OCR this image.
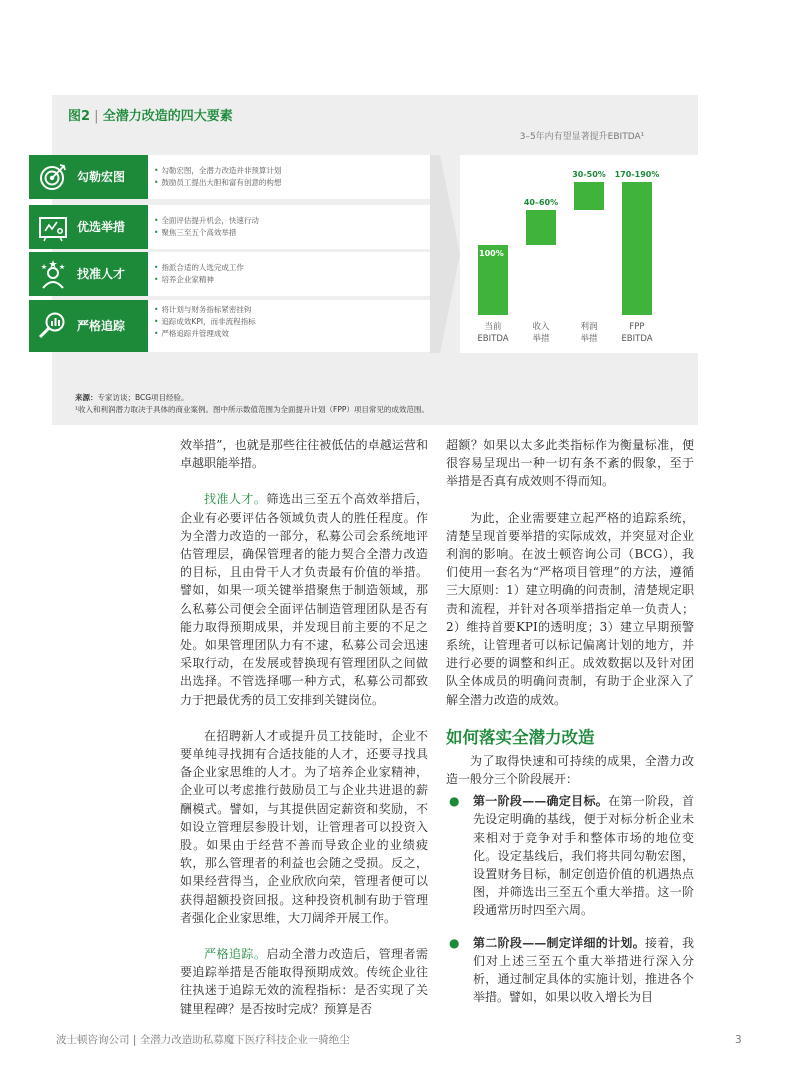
图2 | 全潜力改造的四大要素
勾勒宏图	• 勾勒宏图，全潜力改造并非预算计划
• 鼓励员工提出大胆和富有创意的构想
优选举措	• 全面评估提升机会，快速行动
• 聚焦三至五个高效举措
找准人才	• 指派合适的人选完成工作
• 培养企业家精神
严格追踪
• 将计划与财务指标紧密挂钩
• 追踪成效KPI，而非流程指标
• 严格追踪并管理成效
3–5年内有望显著提升EBITDA¹
100%
当前
EBITDA
40–60%
收入
举措
30-50%
利润
举措
170-190%
FPP
EBITDA
来源：专家访谈；BCG项目经验。
¹收入和利润潜力取决于具体的商业案例。图中所示数值范围为全面提升计划（FPP）项目常见的成效范围。

效举措”，也就是那些往往被低估的卓越运营和卓越职能举措。

找准人才。筛选出三至五个高效举措后，企业有必要评估各领域负责人的胜任程度。作为全潜力改造的一部分，私募公司会系统地评估管理层，确保管理者的能力契合全潜力改造的目标，且由骨干人才负责最有价值的举措。譬如，如果一项关键举措聚焦于制造领域，那么私募公司便会全面评估制造管理团队是否有能力取得预期成果，并发现目前主要的不足之处。如果管理团队力有不逮，私募公司会迅速采取行动，在发展或替换现有管理团队之间做出选择。不管选择哪一种方式，私募公司都致力于把最优秀的员工安排到关键岗位。

在招聘新人才或提升员工技能时，企业不要单纯寻找拥有合适技能的人才，还要寻找具备企业家思维的人才。为了培养企业家精神，企业可以考虑推行鼓励员工与企业共进退的薪酬模式。譬如，与其提供固定薪资和奖励，不如设立管理层参股计划，让管理者可以投资入股。如果由于经营不善而导致企业的业绩疲软，那么管理者的利益也会随之受损。反之，如果经营得当，企业欣欣向荣，管理者便可以获得超额投资回报。这种投资机制有助于管理者强化企业家思维，大刀阔斧开展工作。

严格追踪。启动全潜力改造后，管理者需要追踪举措是否能取得预期成效。传统企业往往执迷于追踪无效的流程指标：是否实现了关键里程碑？是否按时完成？预算是否

超额？如果以太多此类指标作为衡量标准，便很容易呈现出一种一切有条不紊的假象，至于举措是否真有成效则不得而知。

为此，企业需要建立起严格的追踪系统，清楚呈现首要举措的实际成效，并突显对企业利润的影响。在波士顿咨询公司（BCG），我们使用一套名为“严格项目管理”的方法，遵循三大原则：1）建立明确的问责制，清楚规定职责和流程，并针对各项举措指定单一负责人；2）维持首要KPI的透明度；3）建立早期预警系统，让管理者可以标记偏离计划的地方，并进行必要的调整和纠正。成效数据以及针对团队全体成员的明确问责制，有助于企业深入了解全潜力改造的成效。

如何落实全潜力改造

为了取得快速和可持续的成果，全潜力改造一般分三个阶段展开：

● 第一阶段——确定目标。在第一阶段，首先设定明确的基线，便于对标分析企业未来相对于竞争对手和整体市场的地位变化。设定基线后，我们将共同勾勒宏图，设置财务目标，制定创造价值的机遇热点图，并筛选出三至五个重大举措。这一阶段通常历时四至六周。
● 第二阶段——制定详细的计划。接着，我们对上述三至五个重大举措进行深入分析，通过制定具体的实施计划，推进各个举措。譬如，如果以收入增长为目
波士顿咨询公司 | 全潜力改造助私募魔下医疗科技企业一骑绝尘	3
